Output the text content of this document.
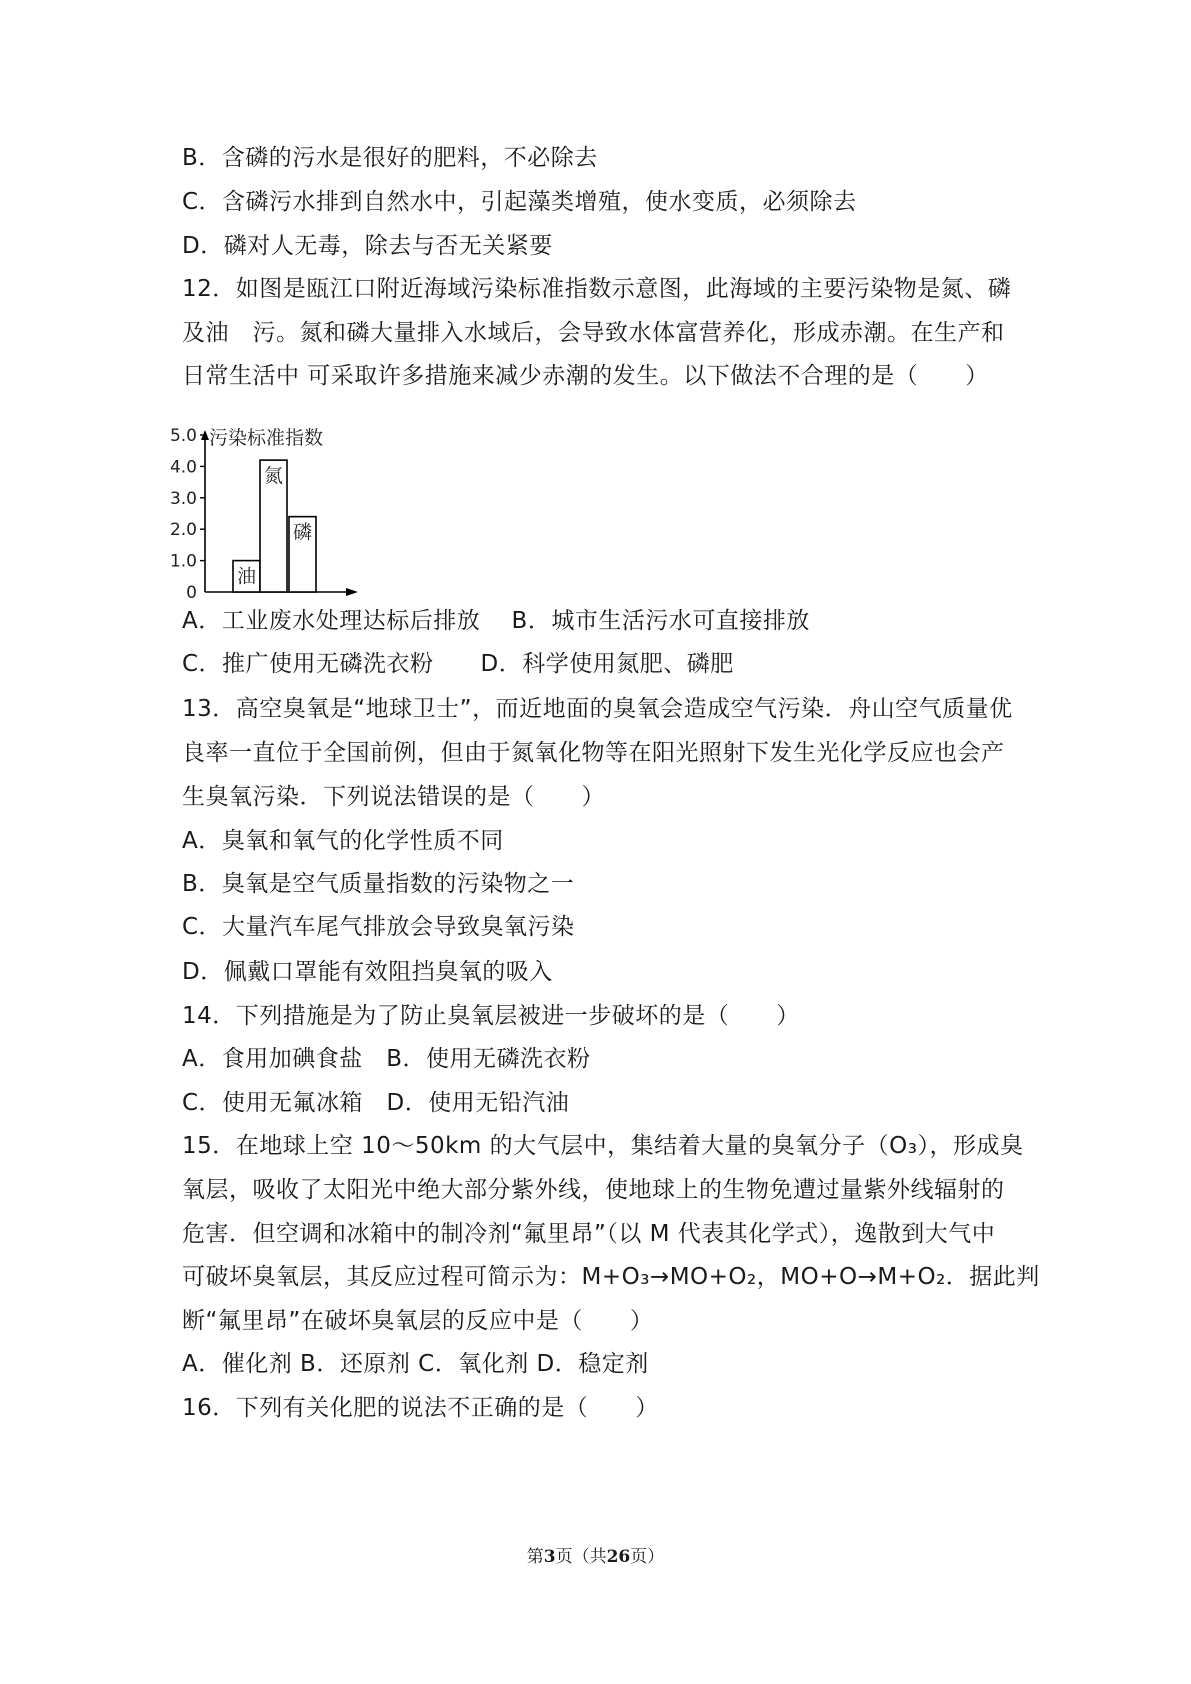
B．含磷的污水是很好的肥料，不必除去
C．含磷污水排到自然水中，引起藻类增殖，使水变质，必须除去
D．磷对人无毒，除去与否无关紧要
12．如图是瓯江口附近海域污染标准指数示意图，此海域的主要污染物是氮、磷
及油　污。氮和磷大量排入水域后，会导致水体富营养化，形成赤潮。在生产和
日常生活中 可采取许多措施来减少赤潮的发生。以下做法不合理的是（　　）
A．工业废水处理达标后排放　 B．城市生活污水可直接排放
C．推广使用无磷洗衣粉　　D．科学使用氮肥、磷肥
13．高空臭氧是“地球卫士”，而近地面的臭氧会造成空气污染．舟山空气质量优
良率一直位于全国前例，但由于氮氧化物等在阳光照射下发生光化学反应也会产
生臭氧污染．下列说法错误的是（　　）
A．臭氧和氧气的化学性质不同
B．臭氧是空气质量指数的污染物之一
C．大量汽车尾气排放会导致臭氧污染
D．佩戴口罩能有效阻挡臭氧的吸入
14．下列措施是为了防止臭氧层被进一步破坏的是（　　）
A．食用加碘食盐　B．使用无磷洗衣粉
C．使用无氟冰箱　D．使用无铅汽油
15．在地球上空 10～50km 的大气层中，集结着大量的臭氧分子（O₃），形成臭
氧层，吸收了太阳光中绝大部分紫外线，使地球上的生物免遭过量紫外线辐射的
危害．但空调和冰箱中的制冷剂“氟里昂”（以 M 代表其化学式），逸散到大气中
可破坏臭氧层，其反应过程可简示为：M+O₃→MO+O₂，MO+O→M+O₂．据此判
断“氟里昂”在破坏臭氧层的反应中是（　　）
A．催化剂 B．还原剂 C．氧化剂 D．稳定剂
16．下列有关化肥的说法不正确的是（　　）
0
1.0
2.0
3.0
4.0
5.0 污染标准指数
油
氮
磷
第3页（共26页）
